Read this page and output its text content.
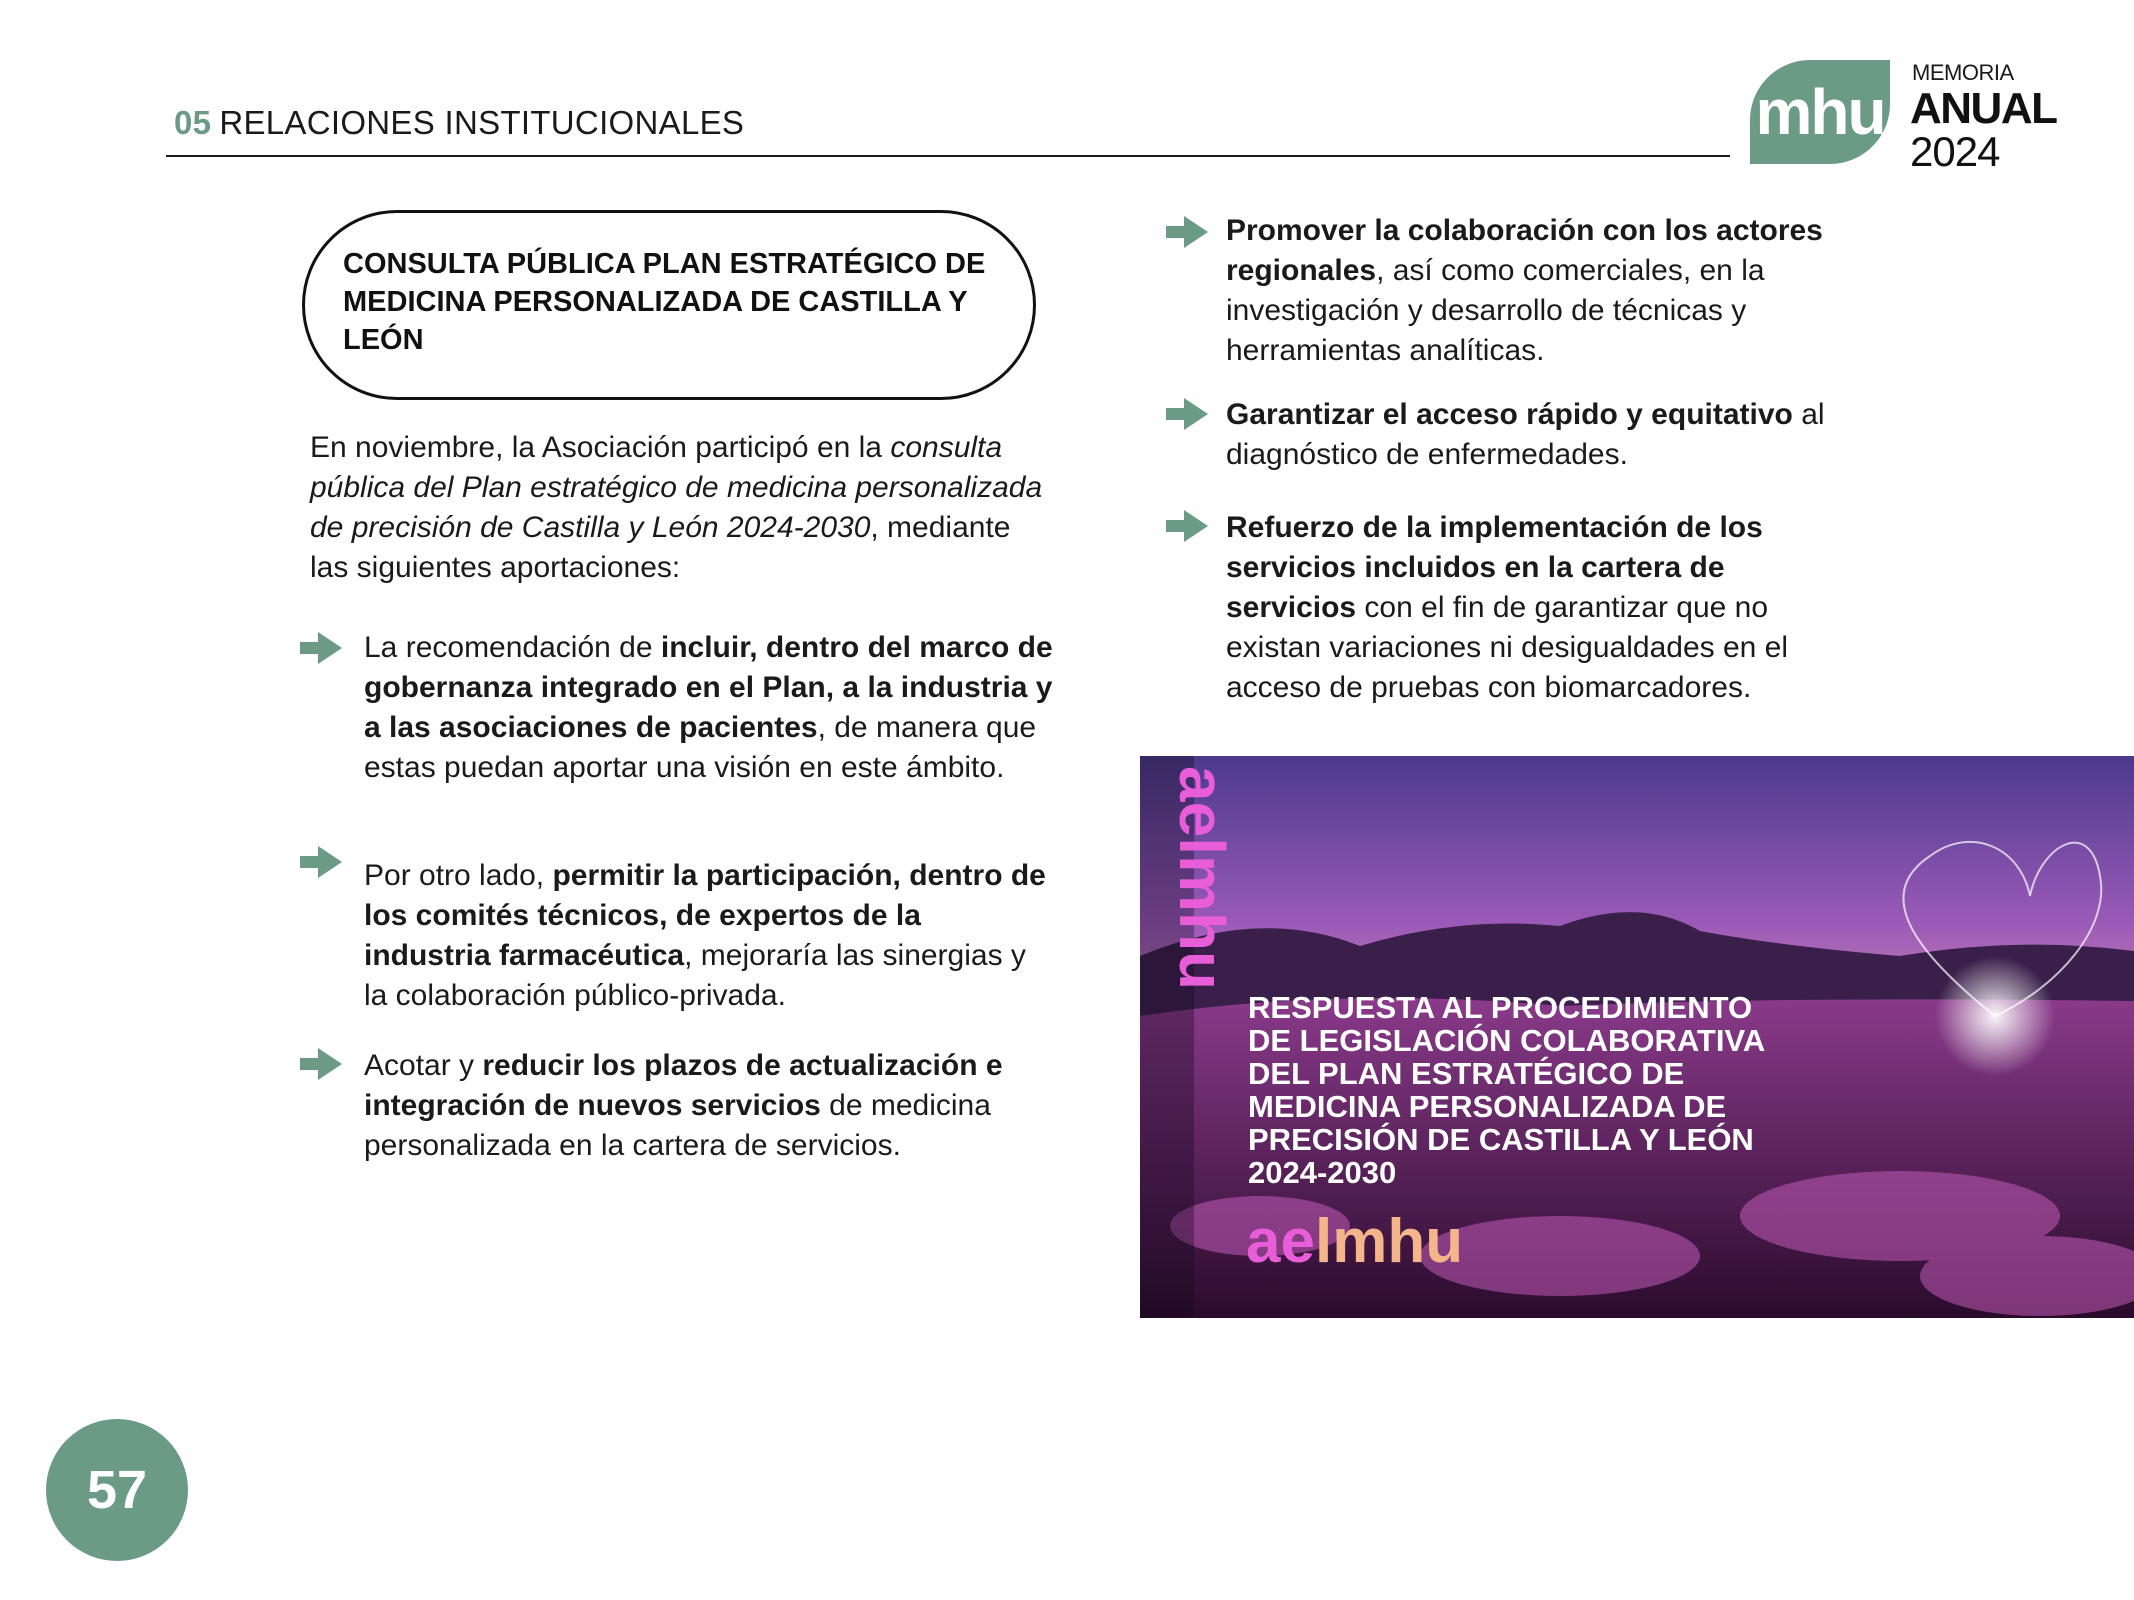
05 RELACIONES INSTITUCIONALES	mhu
MEMORIA
ANUAL
2024
CONSULTA PÚBLICA PLAN ESTRATÉGICO DE MEDICINA PERSONALIZADA DE CASTILLA Y LEÓN
En noviembre, la Asociación participó en la consulta pública del Plan estratégico de medicina personalizada de precisión de Castilla y León 2024-2030, mediante las siguientes aportaciones:
La recomendación de incluir, dentro del marco de gobernanza integrado en el Plan, a la industria y a las asociaciones de pacientes, de manera que estas puedan aportar una visión en este ámbito.
Por otro lado, permitir la participación, dentro de los comités técnicos, de expertos de la industria farmacéutica, mejoraría las sinergias y la colaboración público-privada.
Acotar y reducir los plazos de actualización e integración de nuevos servicios de medicina personalizada en la cartera de servicios.
Promover la colaboración con los actores regionales, así como comerciales, en la investigación y desarrollo de técnicas y herramientas analíticas.
Garantizar el acceso rápido y equitativo al diagnóstico de enfermedades.
Refuerzo de la implementación de los servicios incluidos en la cartera de servicios con el fin de garantizar que no existan variaciones ni desigualdades en el acceso de pruebas con biomarcadores.
aelmhu
RESPUESTA AL PROCEDIMIENTO
DE LEGISLACIÓN COLABORATIVA
DEL PLAN ESTRATÉGICO DE
MEDICINA PERSONALIZADA DE
PRECISIÓN DE CASTILLA Y LEÓN
2024-2030
aelmhu
57
